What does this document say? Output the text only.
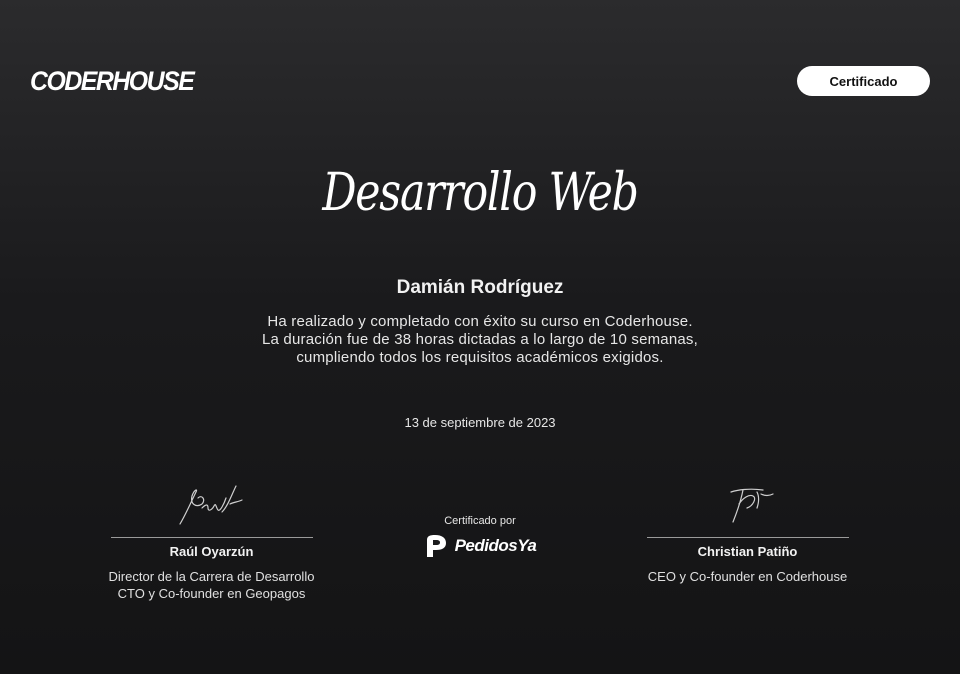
CODERHOUSE	Certificado
Desarrollo Web
Damián Rodríguez
Ha realizado y completado con éxito su curso en Coderhouse.
La duración fue de 38 horas dictadas a lo largo de 10 semanas,
cumpliendo todos los requisitos académicos exigidos.
13 de septiembre de 2023
Raúl Oyarzún
Director de la Carrera de Desarrollo
CTO y Co-founder en Geopagos
Certificado por
PedidosYa	Christian Patiño
CEO y Co-founder en Coderhouse
